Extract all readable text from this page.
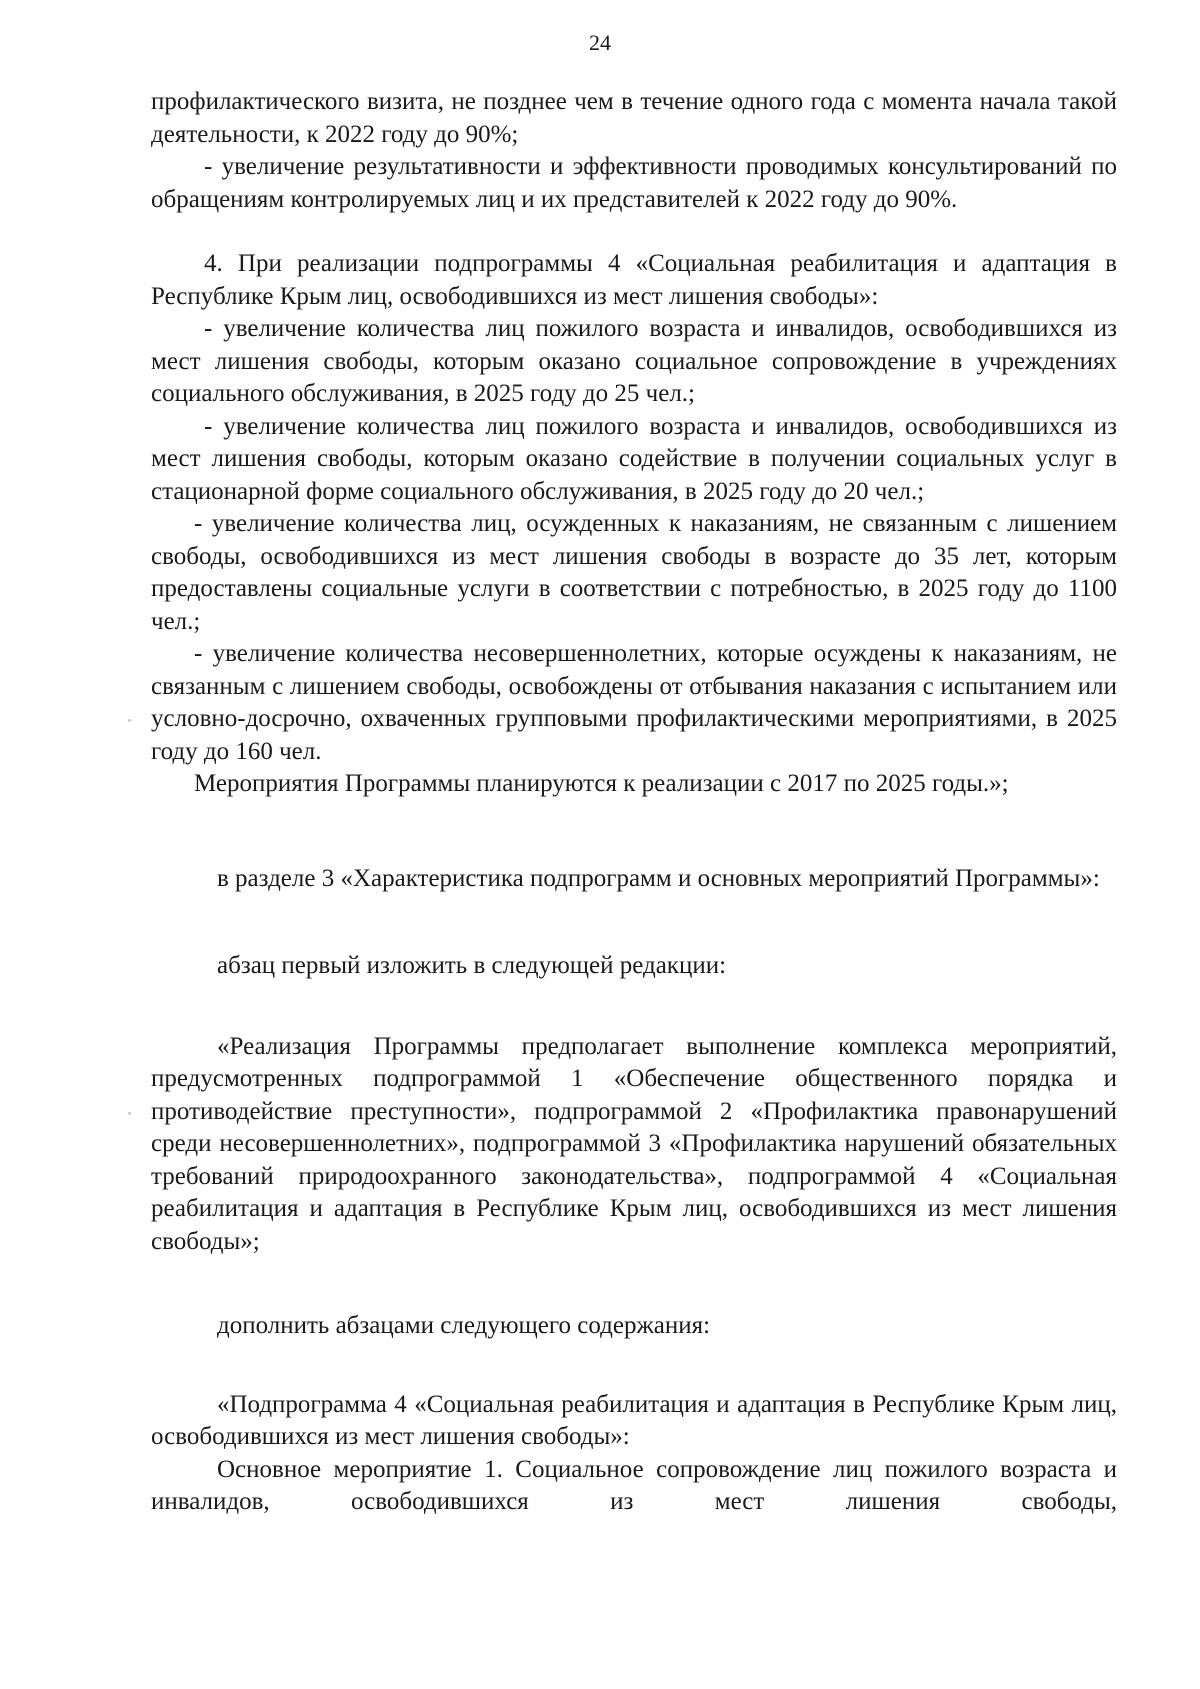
24

профилактического визита, не позднее чем в течение одного года с момента начала такой деятельности, к 2022 году до 90%;

- увеличение результативности и эффективности проводимых консультирований по обращениям контролируемых лиц и их представителей к 2022 году до 90%.

4. При реализации подпрограммы 4 «Социальная реабилитация и адаптация в Республике Крым лиц, освободившихся из мест лишения свободы»:

- увеличение количества лиц пожилого возраста и инвалидов, освободившихся из мест лишения свободы, которым оказано социальное сопровождение в учреждениях социального обслуживания, в 2025 году до 25 чел.;

- увеличение количества лиц пожилого возраста и инвалидов, освободившихся из мест лишения свободы, которым оказано содействие в получении социальных услуг в стационарной форме социального обслуживания, в 2025 году до 20 чел.;

- увеличение количества лиц, осужденных к наказаниям, не связанным с лишением свободы, освободившихся из мест лишения свободы в возрасте до 35 лет, которым предоставлены социальные услуги в соответствии с потребностью, в 2025 году до 1100 чел.;

- увеличение количества несовершеннолетних, которые осуждены к наказаниям, не связанным с лишением свободы, освобождены от отбывания наказания с испытанием или условно-досрочно, охваченных групповыми профилактическими мероприятиями, в 2025 году до 160 чел.

Мероприятия Программы планируются к реализации с 2017 по 2025 годы.»;

в разделе 3 «Характеристика подпрограмм и основных мероприятий Программы»:

абзац первый изложить в следующей редакции:

«Реализация Программы предполагает выполнение комплекса мероприятий, предусмотренных подпрограммой 1 «Обеспечение общественного порядка и противодействие преступности», подпрограммой 2 «Профилактика правонарушений среди несовершеннолетних», подпрограммой 3 «Профилактика нарушений обязательных требований природоохранного законодательства», подпрограммой 4 «Социальная реабилитация и адаптация в Республике Крым лиц, освободившихся из мест лишения свободы»;

дополнить абзацами следующего содержания:

«Подпрограмма 4 «Социальная реабилитация и адаптация в Республике Крым лиц, освободившихся из мест лишения свободы»:

Основное мероприятие 1. Социальное сопровождение лиц пожилого возраста и инвалидов, освободившихся из мест лишения свободы,
